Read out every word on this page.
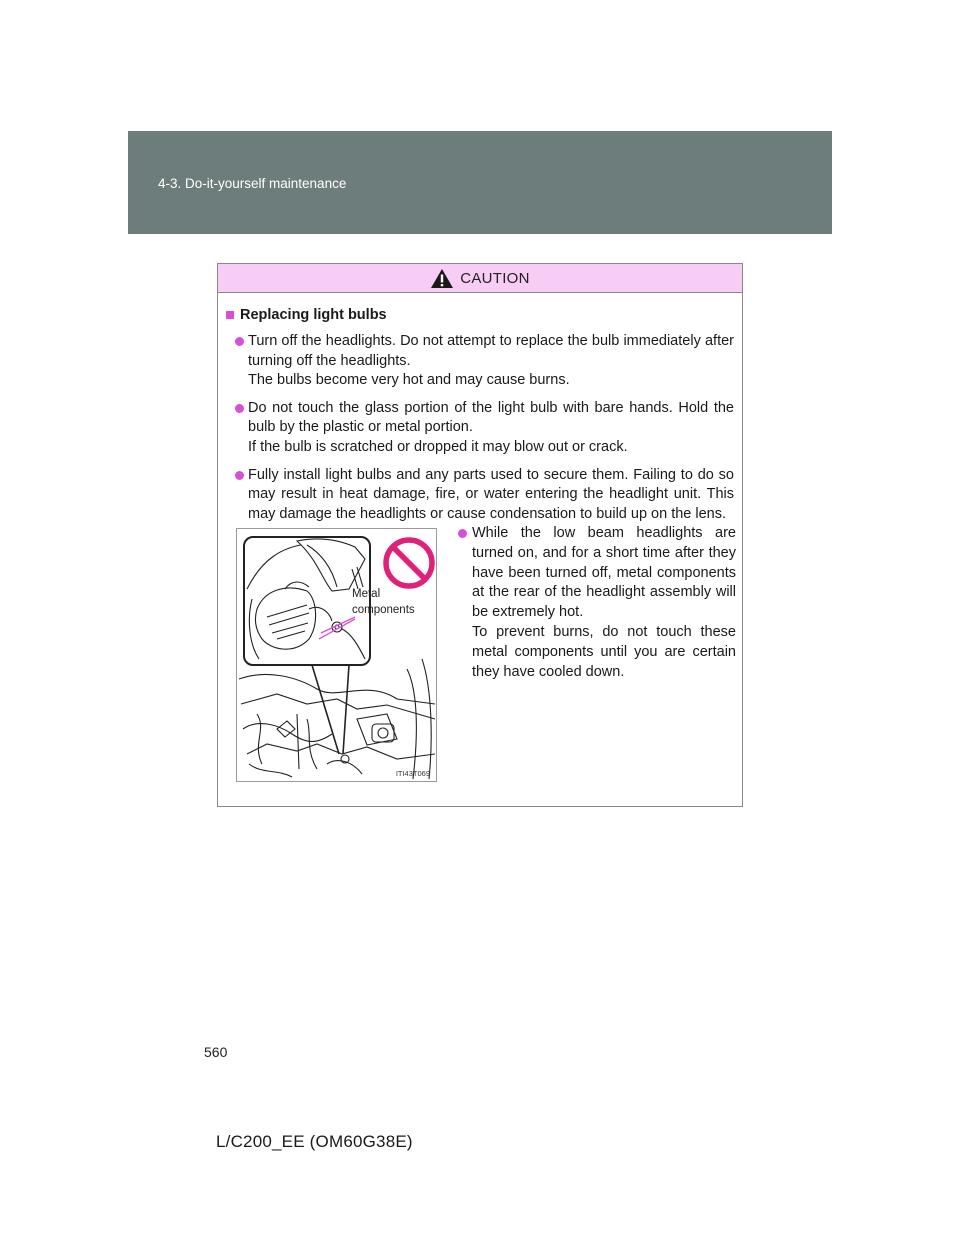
4-3. Do-it-yourself maintenance
CAUTION
Replacing light bulbs

Turn off the headlights. Do not attempt to replace the bulb immediately after turning off the headlights.

The bulbs become very hot and may cause burns.

Do not touch the glass portion of the light bulb with bare hands. Hold the bulb by the plastic or metal portion.

If the bulb is scratched or dropped it may blow out or crack.

Fully install light bulbs and any parts used to secure them. Failing to do so may result in heat damage, fire, or water entering the headlight unit. This may damage the headlights or cause condensation to build up on the lens.

Metal
components
ITI43T069

While the low beam headlights are turned on, and for a short time after they have been turned off, metal components at the rear of the headlight assembly will be extremely hot.

To prevent burns, do not touch these metal components until you are certain they have cooled down.

560
L/C200_EE (OM60G38E)
